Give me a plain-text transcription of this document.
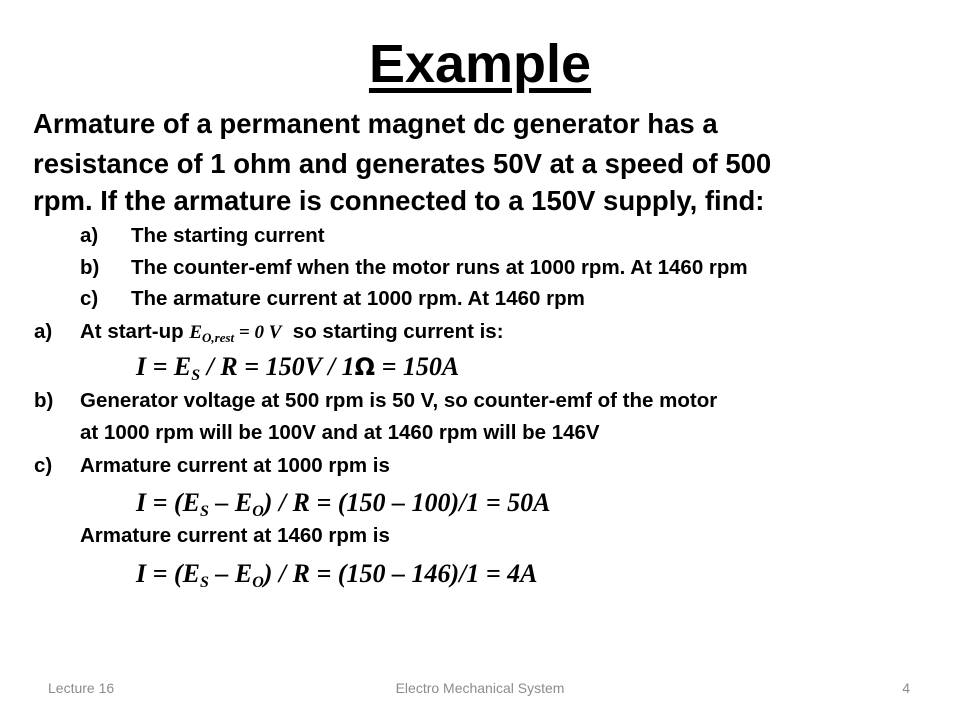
Example
Armature of a permanent magnet dc generator has a
resistance of 1 ohm and generates 50V at a speed of 500
rpm. If the armature is connected to a 150V supply, find:
a) The starting current
b) The counter-emf when the motor runs at 1000 rpm. At 1460 rpm
c) The armature current at 1000 rpm. At 1460 rpm
a) At start-up $E_{O,rest} = 0$ V  so starting current is:
$I = E_S / R = 150V / 1\Omega = 150A$
b) Generator voltage at 500 rpm is 50 V, so counter-emf of the motor
at 1000 rpm will be 100V and at 1460 rpm will be 146V
c) Armature current at 1000 rpm is
$I = (E_S - E_O) / R = (150 - 100)/1 = 50A$
Armature current at 1460 rpm is
$I = (E_S - E_O) / R = (150 - 146)/1 = 4A$
Lecture 16	Electro Mechanical System	4
